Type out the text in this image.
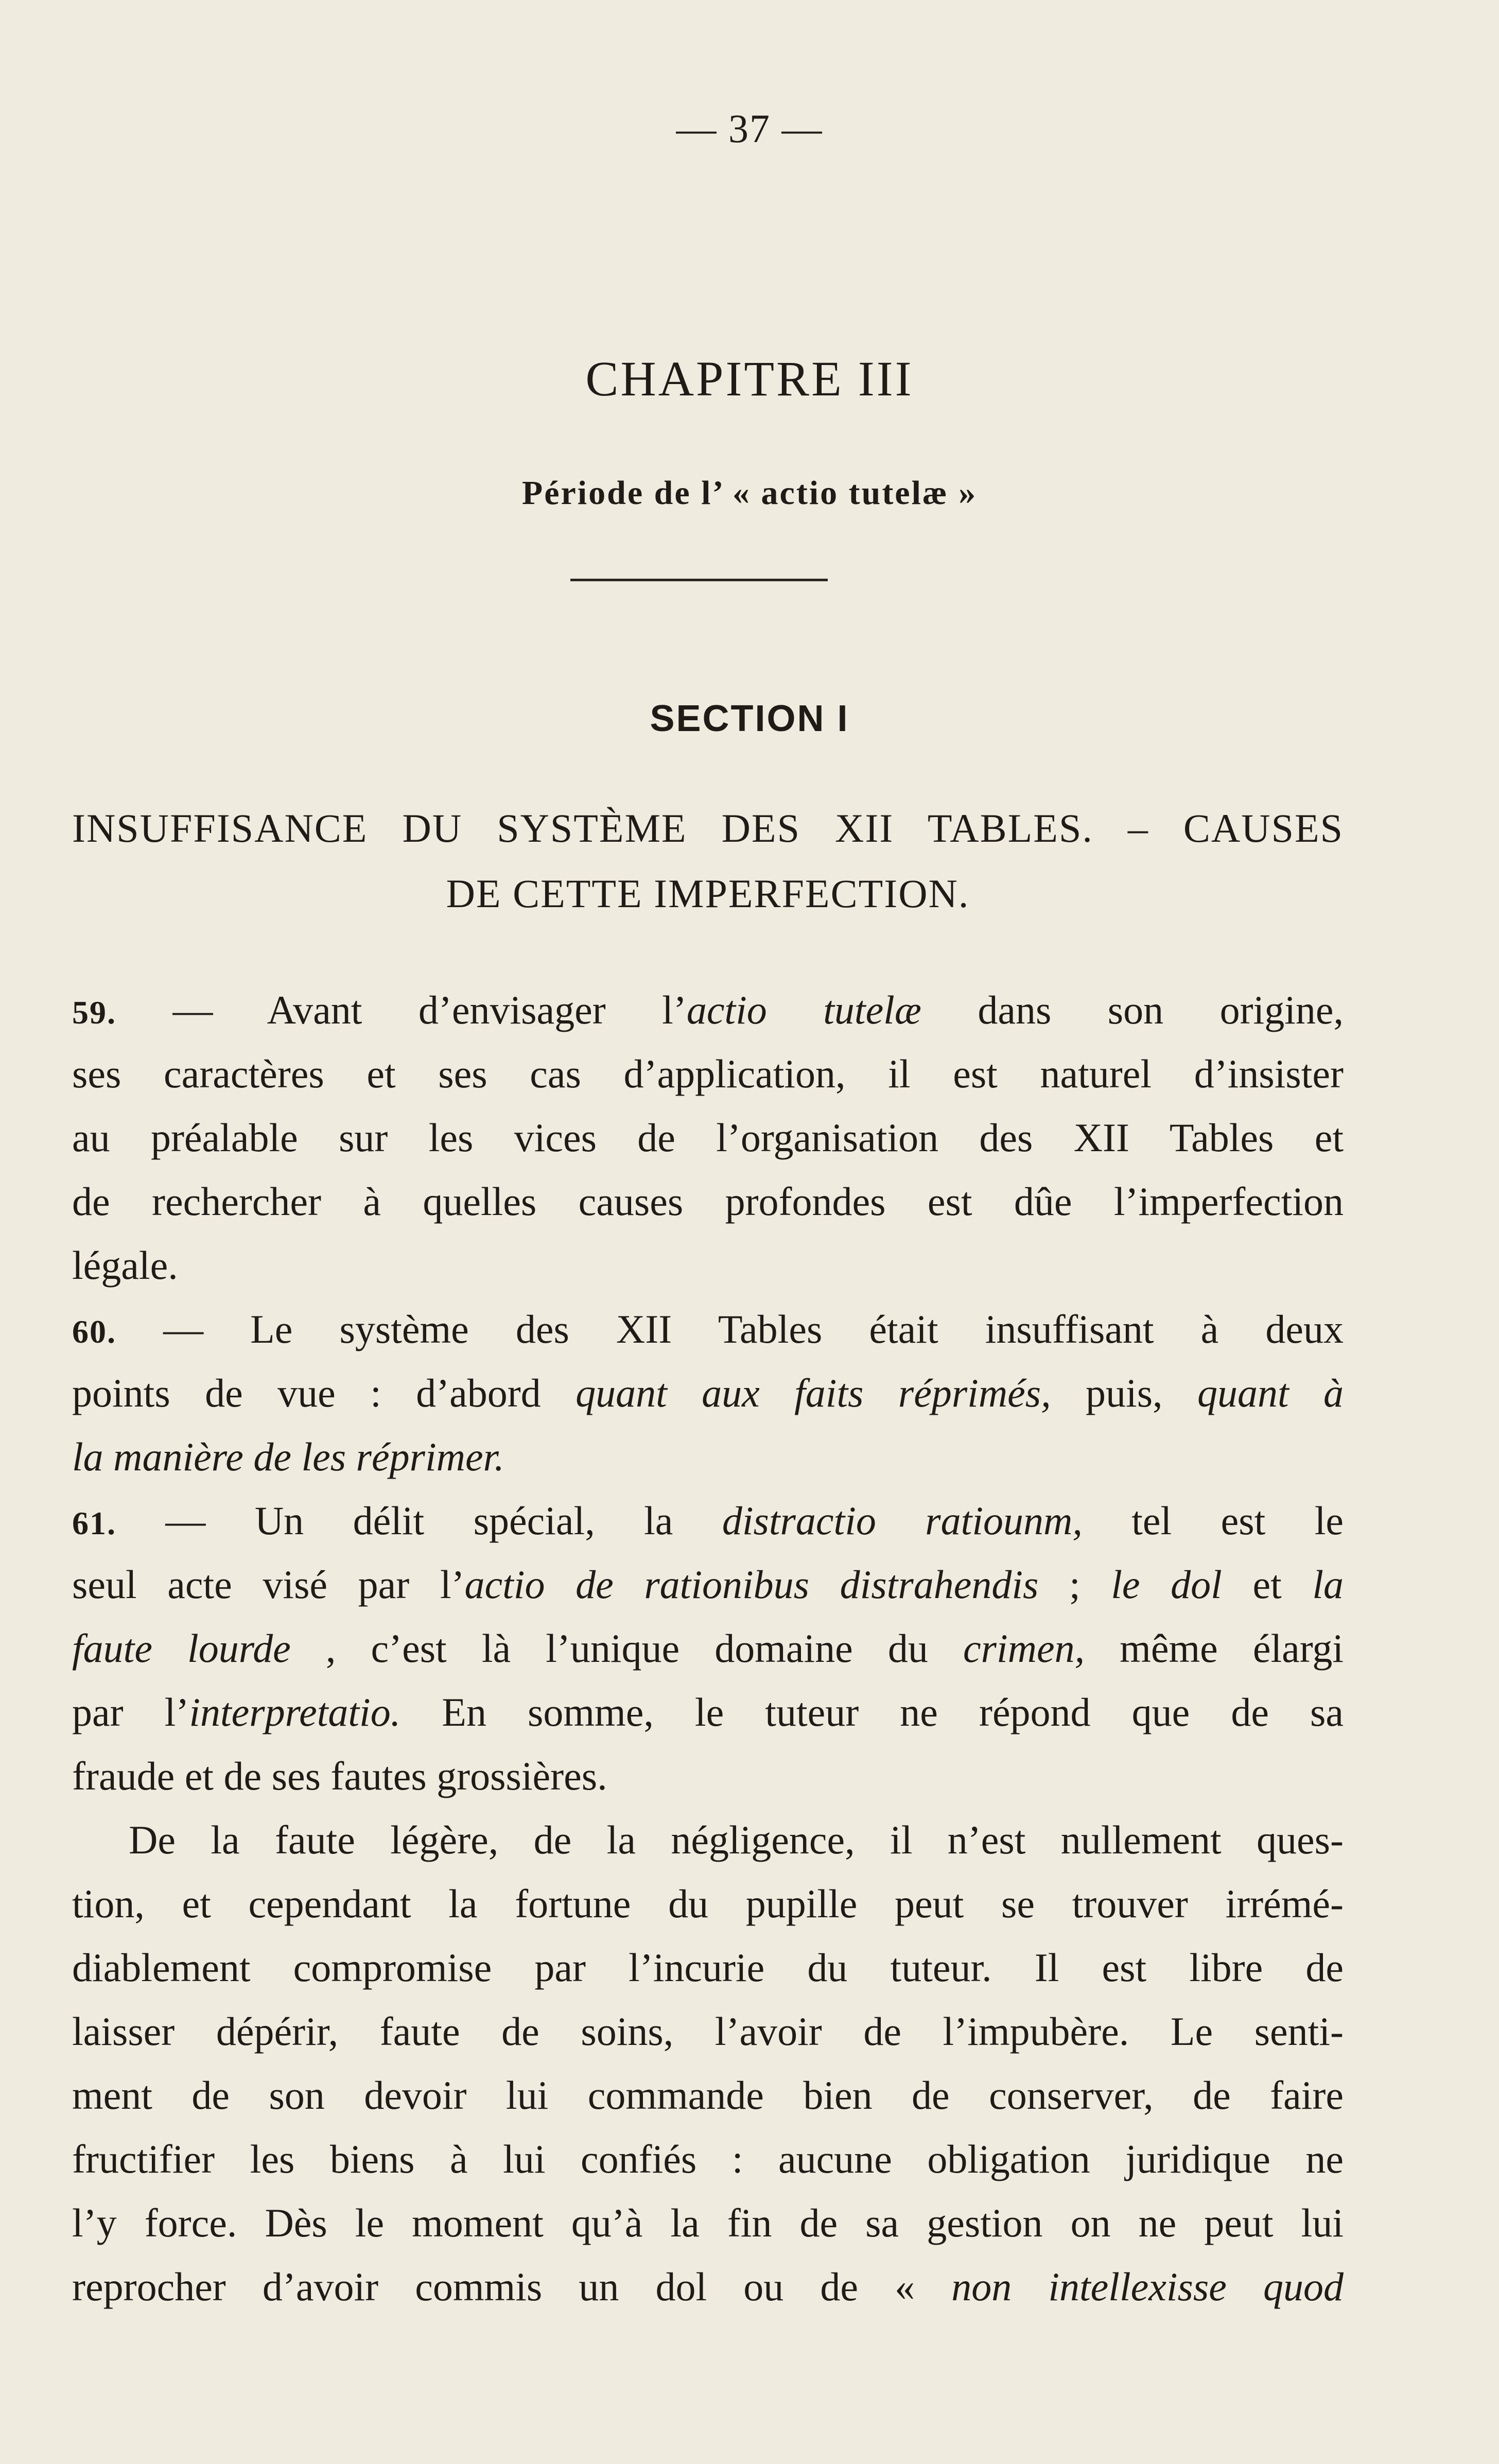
— 37 —
CHAPITRE III
Période de l’ « actio tutelæ »
SECTION I
INSUFFISANCE DU SYSTÈME DES XII TABLES. – CAUSES
DE CETTE IMPERFECTION.
59. — Avant d’envisager l’actio tutelæ dans son origine,
ses caractères et ses cas d’application, il est naturel d’insister
au préalable sur les vices de l’organisation des XII Tables et
de rechercher à quelles causes profondes est dûe l’imperfection
légale.
60. — Le système des XII Tables était insuffisant à deux
points de vue : d’abord quant aux faits réprimés, puis, quant à
la manière de les réprimer.
61. — Un délit spécial, la distractio ratiounm, tel est le
seul acte visé par l’actio de rationibus distrahendis ; le dol et la
faute lourde , c’est là l’unique domaine du crimen, même élargi
par l’interpretatio. En somme, le tuteur ne répond que de sa
fraude et de ses fautes grossières.
De la faute légère, de la négligence, il n’est nullement ques-
tion, et cependant la fortune du pupille peut se trouver irrémé-
diablement compromise par l’incurie du tuteur. Il est libre de
laisser dépérir, faute de soins, l’avoir de l’impubère. Le senti-
ment de son devoir lui commande bien de conserver, de faire
fructifier les biens à lui confiés : aucune obligation juridique ne
l’y force. Dès le moment qu’à la fin de sa gestion on ne peut lui
reprocher d’avoir commis un dol ou de « non intellexisse quod
